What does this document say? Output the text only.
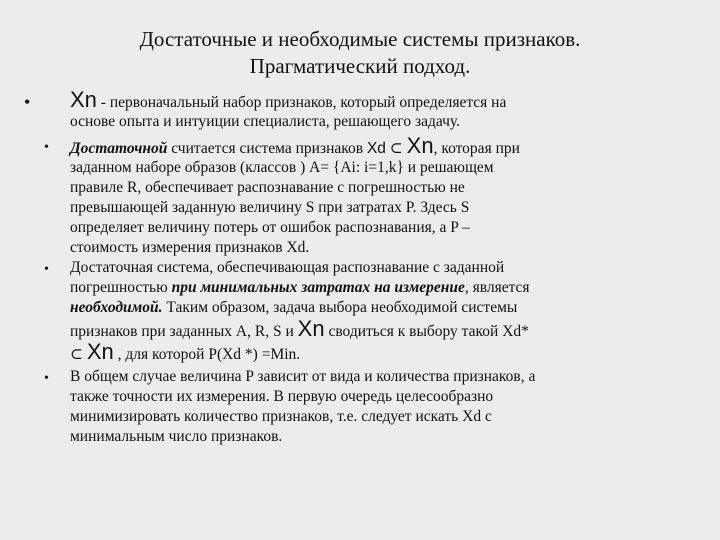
Достаточные и необходимые системы признаков.
Прагматический подход.
• Xn - первоначальный набор признаков, который определяется на
основе опыта и интуиции специалиста, решающего задачу.
• Достаточной считается система признаков Xd ⊂ Xn, которая при
заданном наборе образов (классов ) A= {Ai: i=1,k} и решающем
правиле R, обеспечивает распознавание с погрешностью не
превышающей заданную величину S при затратах P. Здесь S
определяет величину потерь от ошибок распознавания, а P –
стоимость измерения признаков Xd.
• Достаточная система, обеспечивающая распознавание с заданной
погрешностью при минимальных затратах на измерение, является
необходимой. Таким образом, задача выбора необходимой системы
признаков при заданных A, R, S и Xn сводиться к выбору такой Xd*
⊂ Xn , для которой P(Xd *) =Min.
• В общем случае величина P зависит от вида и количества признаков, а
также точности их измерения. В первую очередь целесообразно
минимизировать количество признаков, т.е. следует искать Xd с
минимальным число признаков.
